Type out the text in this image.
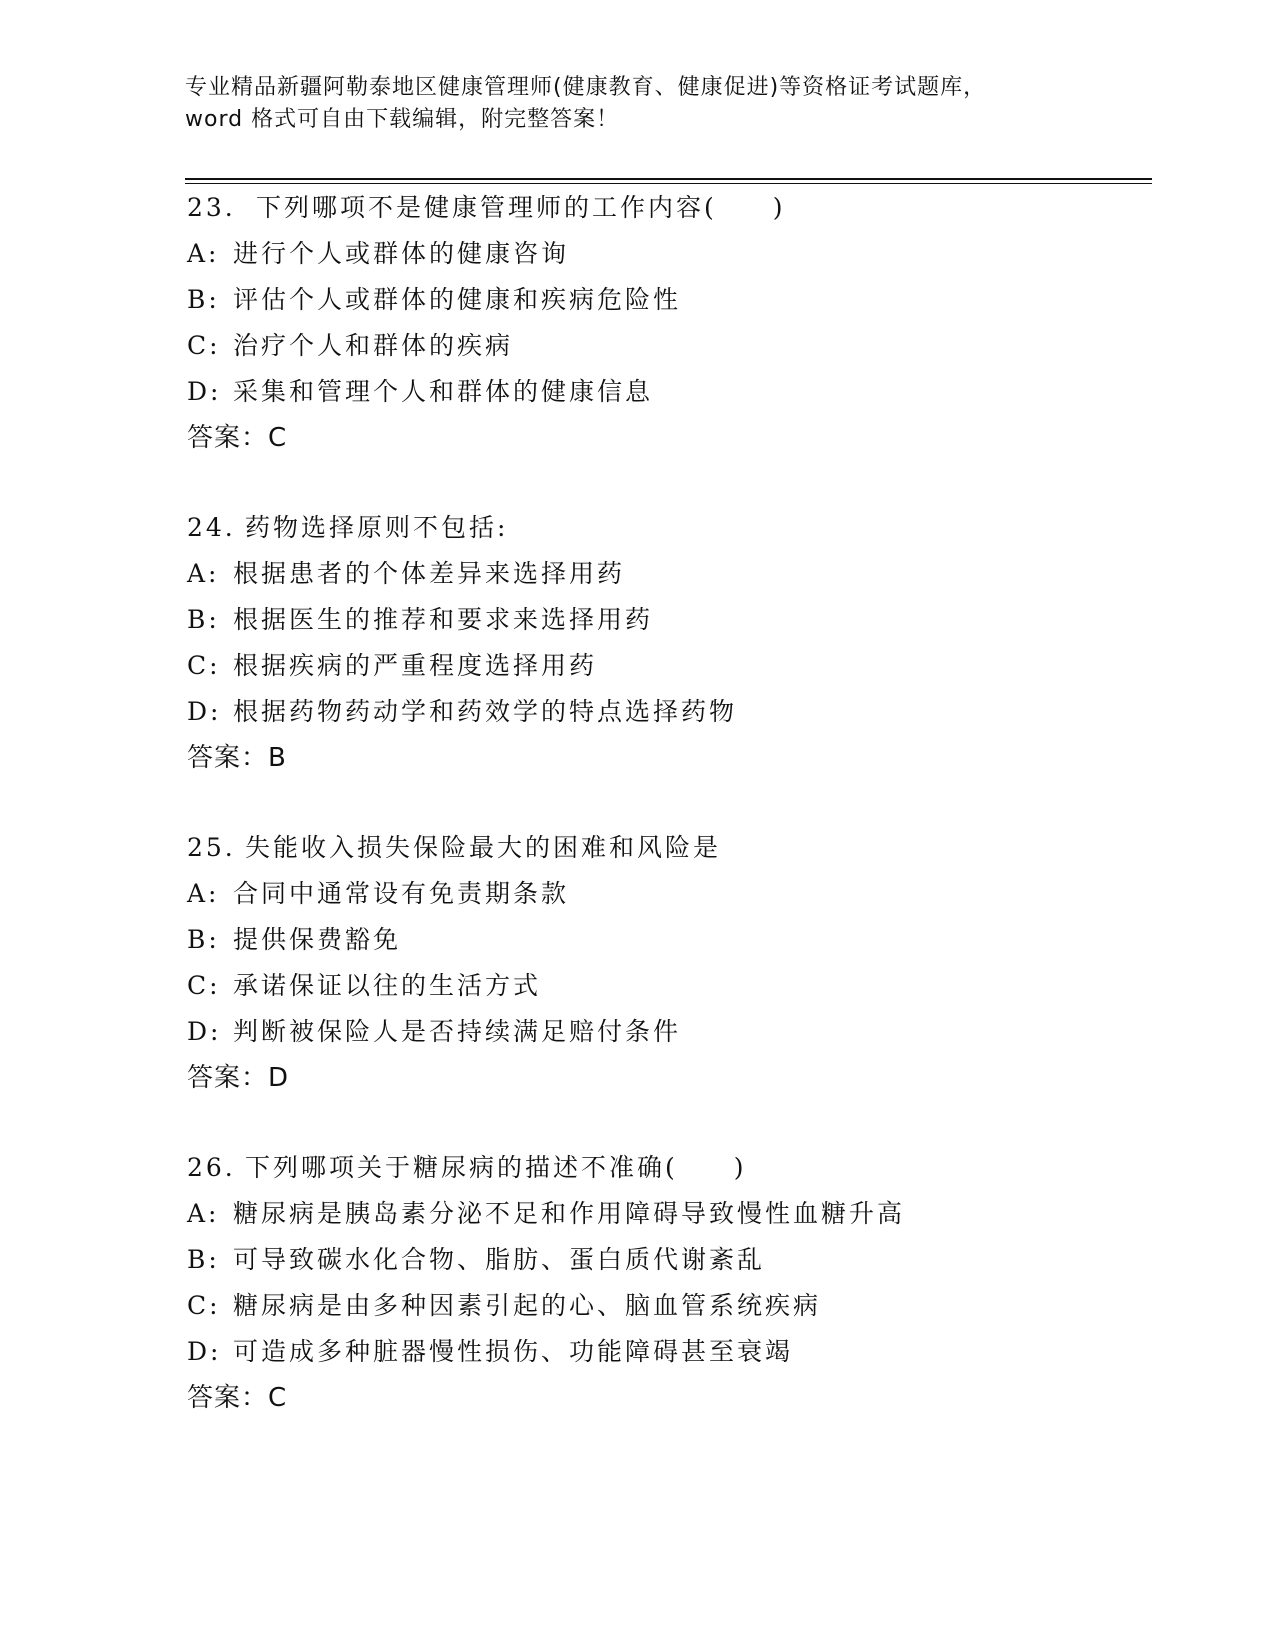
专业精品新疆阿勒泰地区健康管理师(健康教育、健康促进)等资格证考试题库，
word 格式可自由下载编辑，附完整答案！
23. 下列哪项不是健康管理师的工作内容(　　)
A: 进行个人或群体的健康咨询
B: 评估个人或群体的健康和疾病危险性
C: 治疗个人和群体的疾病
D: 采集和管理个人和群体的健康信息
答案：C
24. 药物选择原则不包括:
A: 根据患者的个体差异来选择用药
B: 根据医生的推荐和要求来选择用药
C: 根据疾病的严重程度选择用药
D: 根据药物药动学和药效学的特点选择药物
答案：B
25. 失能收入损失保险最大的困难和风险是
A: 合同中通常设有免责期条款
B: 提供保费豁免
C: 承诺保证以往的生活方式
D: 判断被保险人是否持续满足赔付条件
答案：D
26. 下列哪项关于糖尿病的描述不准确(　　)
A: 糖尿病是胰岛素分泌不足和作用障碍导致慢性血糖升高
B: 可导致碳水化合物、脂肪、蛋白质代谢紊乱
C: 糖尿病是由多种因素引起的心、脑血管系统疾病
D: 可造成多种脏器慢性损伤、功能障碍甚至衰竭
答案：C
